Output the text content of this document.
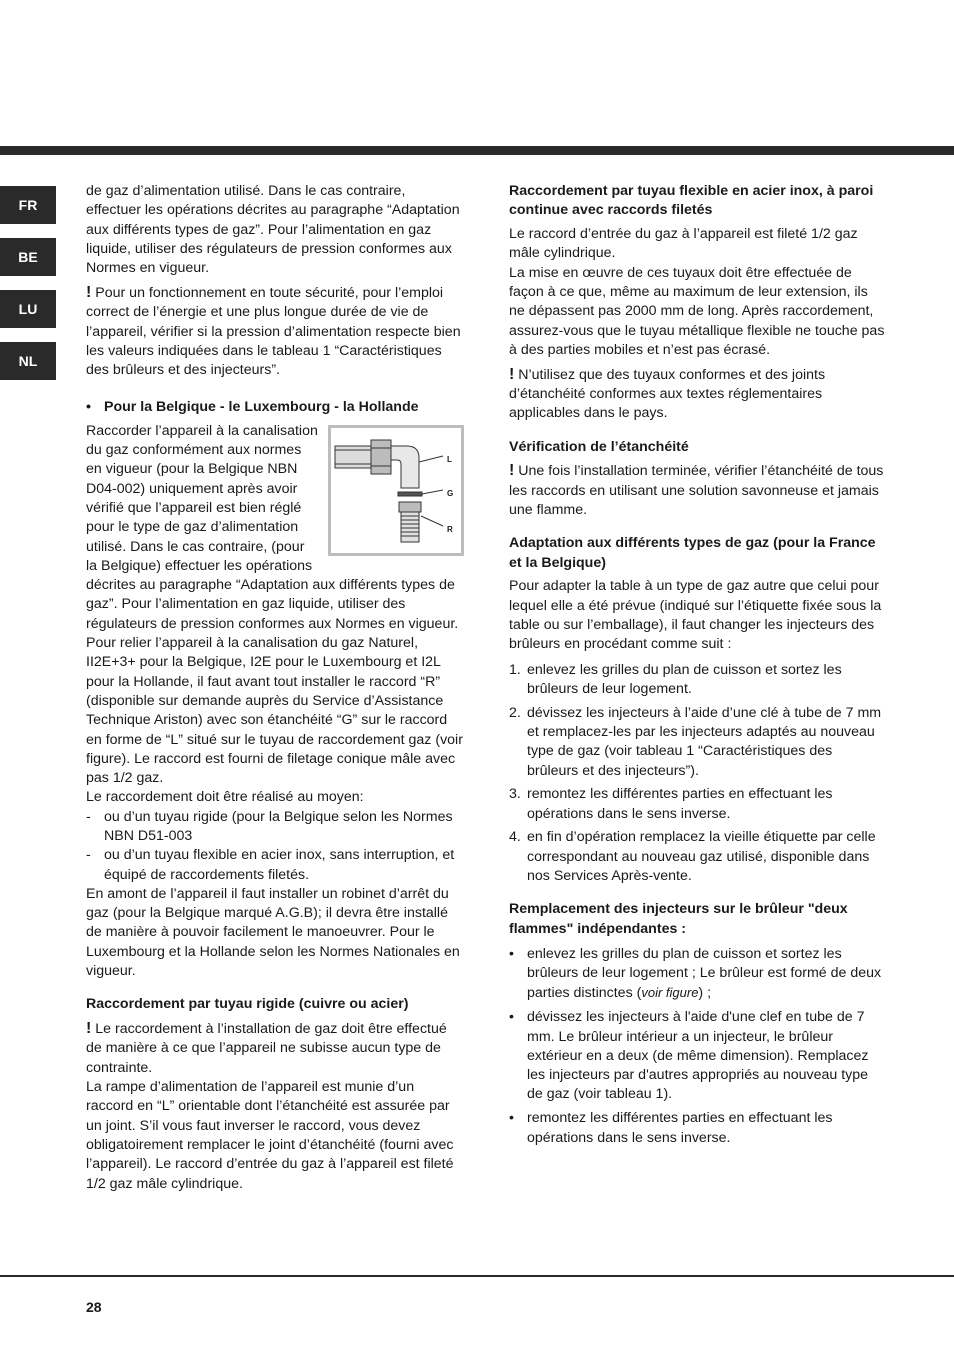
FR
BE
LU
NL

de gaz d’alimentation utilisé. Dans le cas contraire, effectuer les opérations décrites au paragraphe “Adaptation aux différents types de gaz”. Pour l’alimentation en gaz liquide, utiliser des régulateurs de pression conformes aux Normes en vigueur.

! Pour un fonctionnement en toute sécurité, pour l’emploi correct de l’énergie et une plus longue durée de vie de l’appareil, vérifier si la pression d’alimentation respecte bien les valeurs indiquées dans le tableau 1 “Caractéristiques des brûleurs et des injecteurs”.

• Pour la Belgique - le Luxembourg - la Hollande
L
G
R

Raccorder l’appareil à la canalisation du gaz conformément aux normes en vigueur (pour la Belgique NBN D04-002) uniquement après avoir vérifié que l’appareil est bien réglé pour le type de gaz d’alimentation utilisé. Dans le cas contraire, (pour la Belgique) effectuer les opérations décrites au paragraphe “Adaptation aux différents types de gaz”. Pour l’alimentation en gaz liquide, utiliser des régulateurs de pression conformes aux Normes en vigueur. Pour relier l’appareil à la canalisation du gaz Naturel, II2E+3+ pour la Belgique, I2E pour le Luxembourg et I2L pour la Hollande, il faut avant tout installer le raccord “R” (disponible sur demande auprès du Service d’Assistance Technique Ariston) avec son étanchéité “G” sur le raccord en forme de “L” situé sur le tuyau de raccordement gaz (voir figure). Le raccord est fourni de filetage conique mâle avec pas 1/2 gaz.

Le raccordement doit être réalisé au moyen:

- ou d’un tuyau rigide (pour la Belgique selon les Normes NBN D51-003
- ou d’un tuyau flexible en acier inox, sans interruption, et équipé de raccordements filetés.

En amont de l’appareil il faut installer un robinet d’arrêt du gaz (pour la Belgique marqué A.G.B); il devra être installé de manière à pouvoir facilement le manoeuvrer. Pour le Luxembourg et la Hollande selon les Normes Nationales en vigueur.

Raccordement par tuyau rigide (cuivre ou acier)

! Le raccordement à l’installation de gaz doit être effectué de manière à ce que l’appareil ne subisse aucun type de contrainte.

La rampe d’alimentation de l’appareil est munie d’un raccord en “L” orientable dont l’étanchéité est assurée par un joint. S’il vous faut inverser le raccord, vous devez obligatoirement remplacer le joint d’étanchéité (fourni avec l’appareil). Le raccord d’entrée du gaz à l’appareil est fileté 1/2 gaz mâle cylindrique.

Raccordement par tuyau flexible en acier inox, à paroi continue avec raccords filetés

Le raccord d’entrée du gaz à l’appareil est fileté 1/2 gaz mâle cylindrique.

La mise en œuvre de ces tuyaux doit être effectuée de façon à ce que, même au maximum de leur extension, ils ne dépassent pas 2000 mm de long. Après raccordement, assurez-vous que le tuyau métallique flexible ne touche pas à des parties mobiles et n’est pas écrasé.

! N’utilisez que des tuyaux conformes et des joints d’étanchéité conformes aux textes réglementaires applicables dans le pays.

Vérification de l’étanchéité

! Une fois l’installation terminée, vérifier l’étanchéité de tous les raccords en utilisant une solution savonneuse et jamais une flamme.

Adaptation aux différents types de gaz (pour la France et la Belgique)

Pour adapter la table à un type de gaz autre que celui pour lequel elle a été prévue (indiqué sur l’étiquette fixée sous la table ou sur l’emballage), il faut changer les injecteurs des brûleurs en procédant comme suit :

1. enlevez les grilles du plan de cuisson et sortez les brûleurs de leur logement.
2. dévissez les injecteurs à l’aide d’une clé à tube de 7 mm et remplacez-les par les injecteurs adaptés au nouveau type de gaz (voir tableau 1 “Caractéristiques des brûleurs et des injecteurs”).
3. remontez les différentes parties en effectuant les opérations dans le sens inverse.
4. en fin d’opération remplacez la vieille étiquette par celle correspondant au nouveau gaz utilisé, disponible dans nos Services Après-vente.

Remplacement des injecteurs sur le brûleur "deux flammes" indépendantes :

• enlevez les grilles du plan de cuisson et sortez les brûleurs de leur logement ; Le brûleur est formé de deux parties distinctes (voir figure) ;
• dévissez les injecteurs à l'aide d'une clef en tube de 7 mm. Le brûleur intérieur a un injecteur, le brûleur extérieur en a deux (de même dimension). Remplacez les injecteurs par d'autres appropriés au nouveau type de gaz (voir tableau 1).
• remontez les différentes parties en effectuant les opérations dans le sens inverse.
28
